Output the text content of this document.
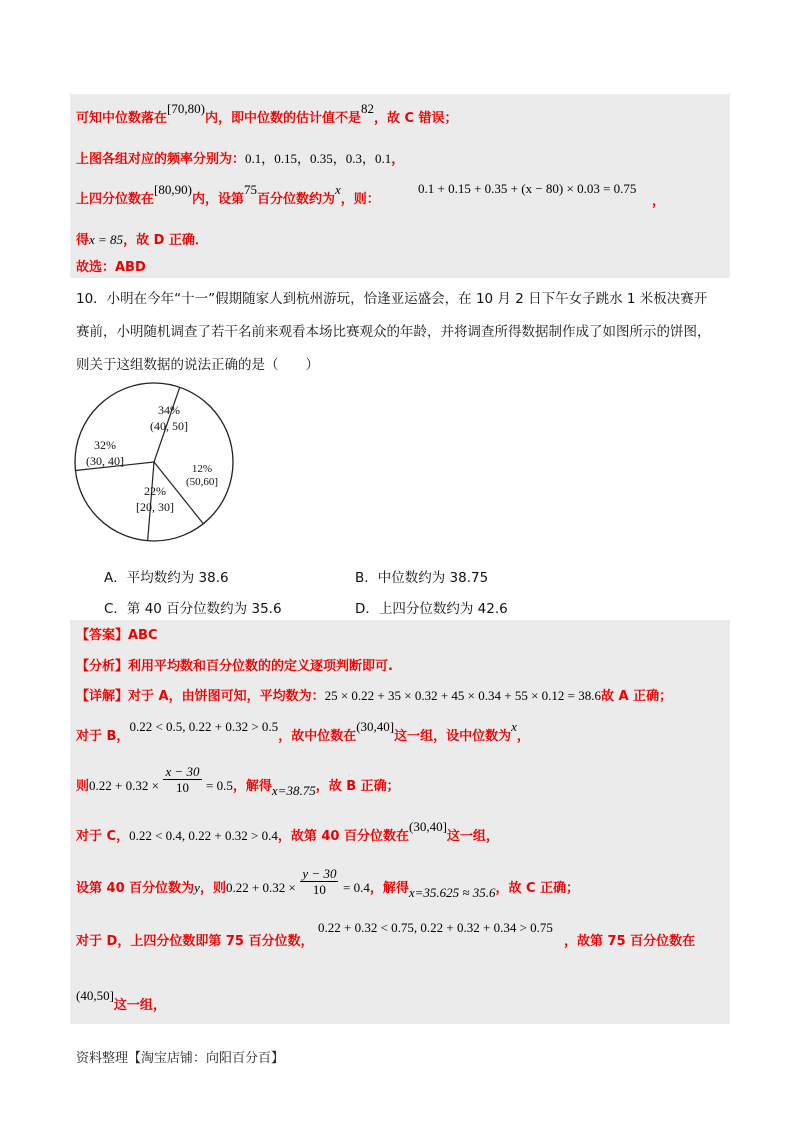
可知中位数落在[70,80)内，即中位数的估计值不是82，故 C 错误；
上图各组对应的频率分别为：0.1，0.15，0.35，0.3，0.1，
上四分位数在[80,90)内，设第75百分位数约为x，则：
0.1 + 0.15 + 0.35 + (x − 80) × 0.03 = 0.75
，
得x = 85，故 D 正确．
故选：ABD
10．小明在今年“十一”假期随家人到杭州游玩，恰逢亚运盛会，在 10 月 2 日下午女子跳水 1 米板决赛开
赛前，小明随机调查了若干名前来观看本场比赛观众的年龄，并将调查所得数据制作成了如图所示的饼图，
则关于这组数据的说法正确的是（　　）
34%
(40, 50]
12%
(50,60]
22%
[20, 30]
32%
(30, 40]
A．平均数约为 38.6	B．中位数约为 38.75
C．第 40 百分位数约为 35.6	D．上四分位数约为 42.6
【答案】ABC
【分析】利用平均数和百分位数的的定义逐项判断即可.
【详解】对于 A，由饼图可知，平均数为：25 × 0.22 + 35 × 0.32 + 45 × 0.34 + 55 × 0.12 = 38.6故 A 正确；
对于 B，0.22 < 0.5, 0.22 + 0.32 > 0.5，故中位数在(30,40]这一组，设中位数为x，
则$0.22 + 0.32 \times \frac{x - 30}{10} = 0.5$，解得x=38.75，故 B 正确；
对于 C，0.22 < 0.4, 0.22 + 0.32 > 0.4，故第 40 百分位数在(30,40]这一组，
设第 40 百分位数为y，则$0.22 + 0.32 \times \frac{y - 30}{10} = 0.4$，解得x=35.625 ≈ 35.6，故 C 正确；
0.22 + 0.32 < 0.75, 0.22 + 0.32 + 0.34 > 0.75
对于 D，上四分位数即第 75 百分位数，	，故第 75 百分位数在
(40,50]这一组，
资料整理【淘宝店铺：向阳百分百】
